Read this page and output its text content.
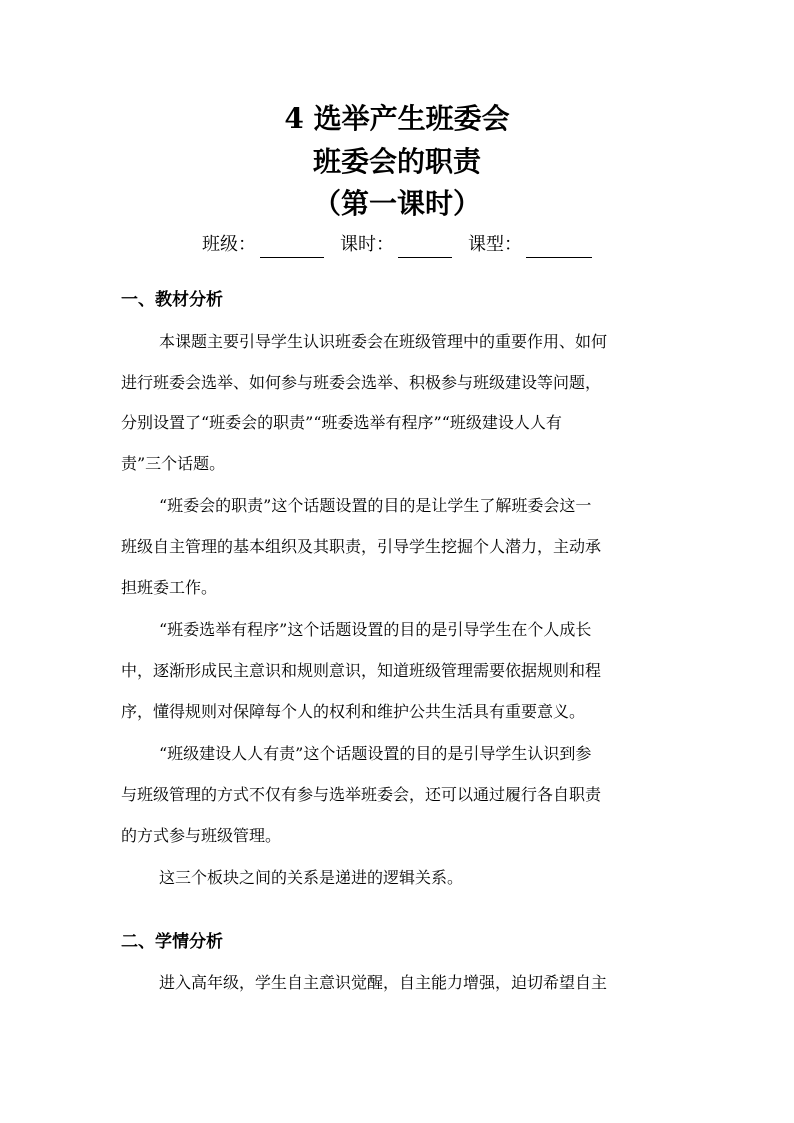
4 选举产生班委会
班委会的职责
（第一课时）
班级：	课时：	课型：
一、教材分析
本课题主要引导学生认识班委会在班级管理中的重要作用、如何
进行班委会选举、如何参与班委会选举、积极参与班级建设等问题，
分别设置了“班委会的职责”“班委选举有程序”“班级建设人人有
责”三个话题。
“班委会的职责”这个话题设置的目的是让学生了解班委会这一
班级自主管理的基本组织及其职责，引导学生挖掘个人潜力，主动承
担班委工作。
“班委选举有程序”这个话题设置的目的是引导学生在个人成长
中，逐渐形成民主意识和规则意识，知道班级管理需要依据规则和程
序，懂得规则对保障每个人的权利和维护公共生活具有重要意义。
“班级建设人人有责”这个话题设置的目的是引导学生认识到参
与班级管理的方式不仅有参与选举班委会，还可以通过履行各自职责
的方式参与班级管理。
这三个板块之间的关系是递进的逻辑关系。
二、学情分析
进入高年级，学生自主意识觉醒，自主能力增强，迫切希望自主
